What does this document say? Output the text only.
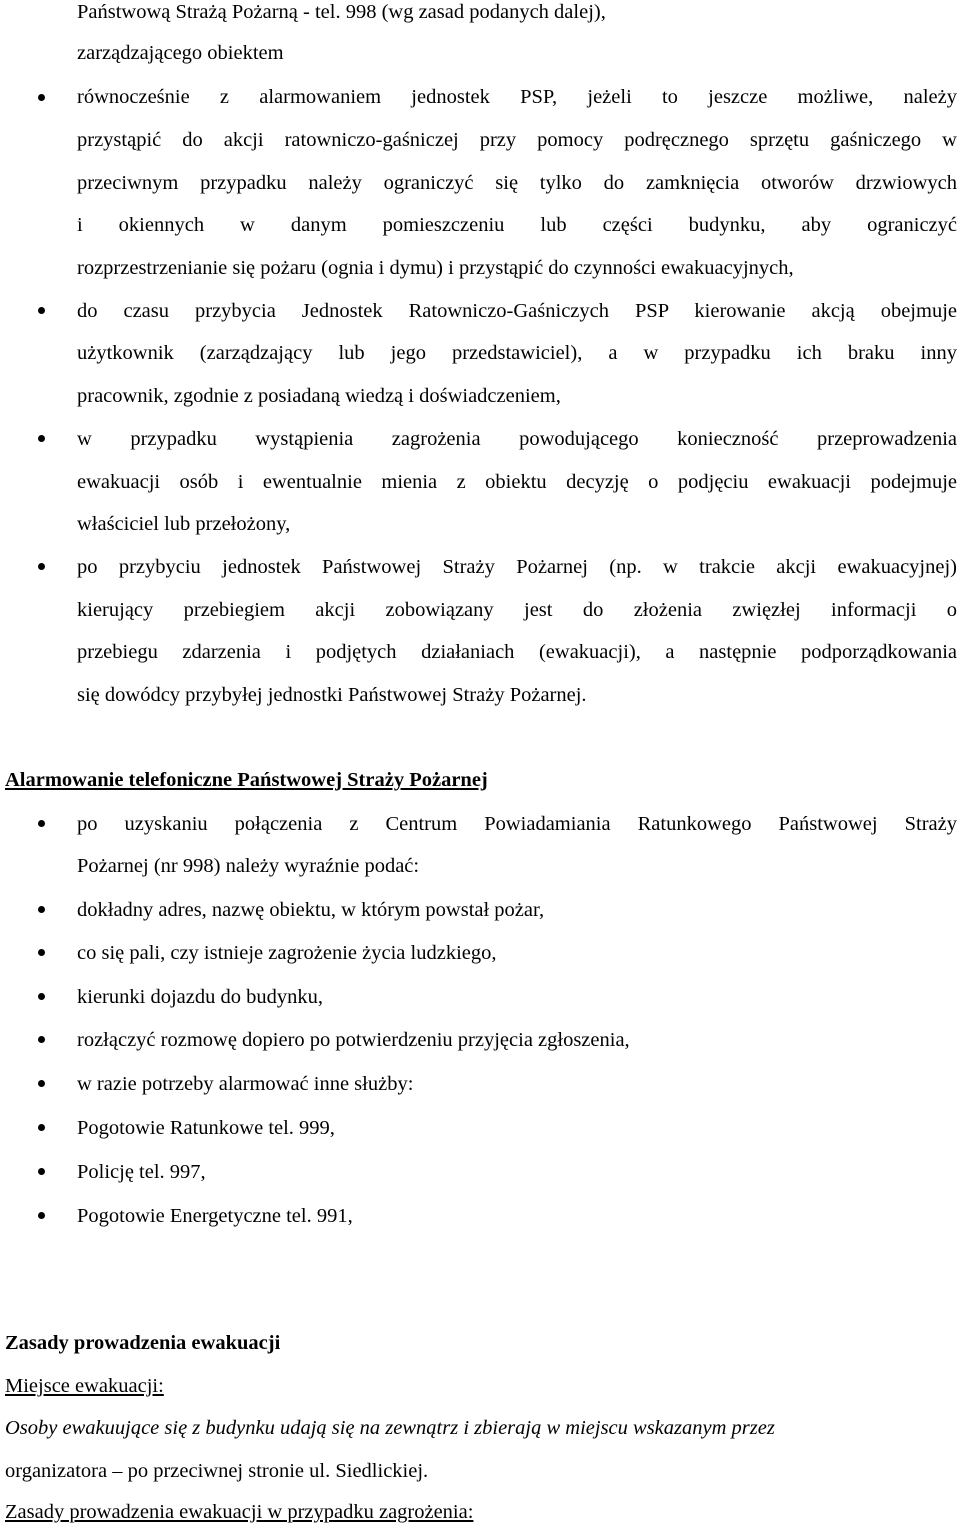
Państwową Strażą Pożarną - tel. 998 (wg zasad podanych dalej),
zarządzającego obiektem
równocześnie z alarmowaniem jednostek PSP, jeżeli to jeszcze możliwe, należy
przystąpić do akcji ratowniczo-gaśniczej przy pomocy podręcznego sprzętu gaśniczego w
przeciwnym przypadku należy ograniczyć się tylko do zamknięcia otworów drzwiowych
i okiennych w danym pomieszczeniu lub części budynku, aby ograniczyć
rozprzestrzenianie się pożaru (ognia i dymu) i przystąpić do czynności ewakuacyjnych,
do czasu przybycia Jednostek Ratowniczo-Gaśniczych PSP kierowanie akcją obejmuje
użytkownik (zarządzający lub jego przedstawiciel), a w przypadku ich braku inny
pracownik, zgodnie z posiadaną wiedzą i doświadczeniem,
w przypadku wystąpienia zagrożenia powodującego konieczność przeprowadzenia
ewakuacji osób i ewentualnie mienia z obiektu decyzję o podjęciu ewakuacji podejmuje
właściciel lub przełożony,
po przybyciu jednostek Państwowej Straży Pożarnej (np. w trakcie akcji ewakuacyjnej)
kierujący przebiegiem akcji zobowiązany jest do złożenia zwięzłej informacji o
przebiegu zdarzenia i podjętych działaniach (ewakuacji), a następnie podporządkowania
się dowódcy przybyłej jednostki Państwowej Straży Pożarnej.
Alarmowanie telefoniczne Państwowej Straży Pożarnej
po uzyskaniu połączenia z Centrum Powiadamiania Ratunkowego Państwowej Straży
Pożarnej (nr 998) należy wyraźnie podać:
dokładny adres, nazwę obiektu, w którym powstał pożar,
co się pali, czy istnieje zagrożenie życia ludzkiego,
kierunki dojazdu do budynku,
rozłączyć rozmowę dopiero po potwierdzeniu przyjęcia zgłoszenia,
w razie potrzeby alarmować inne służby:
Pogotowie Ratunkowe tel. 999,
Policję tel. 997,
Pogotowie Energetyczne tel. 991,
Zasady prowadzenia ewakuacji
Miejsce ewakuacji:
Osoby ewakuujące się z budynku udają się na zewnątrz i zbierają w miejscu wskazanym przez
organizatora – po przeciwnej stronie ul. Siedlickiej.
Zasady prowadzenia ewakuacji w przypadku zagrożenia:
